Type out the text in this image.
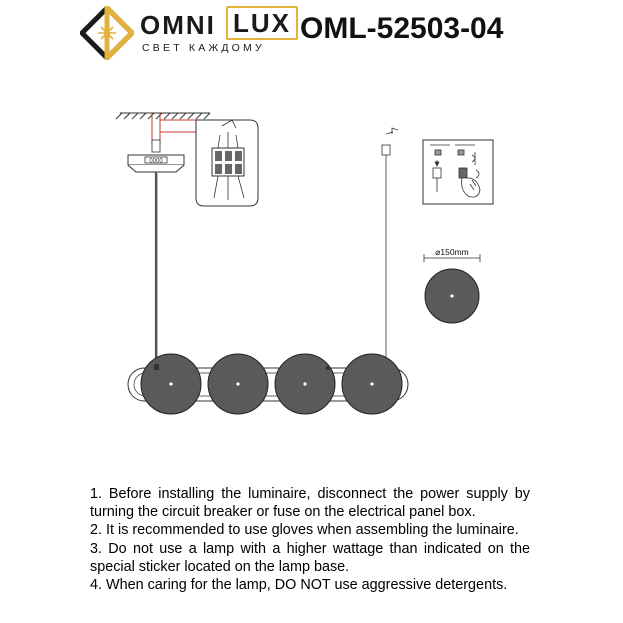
OMNI LUX
СВЕТ КАЖДОМУ
OML-52503-04
0000
⌀150mm

1. Before installing the luminaire, disconnect the power supply by turning the circuit breaker or fuse on the electrical panel box.

2. It is recommended to use gloves when assembling the luminaire.

3. Do not use a lamp with a higher wattage than indicated on the special sticker located on the lamp base.

4. When caring for the lamp, DO NOT use aggressive detergents.
